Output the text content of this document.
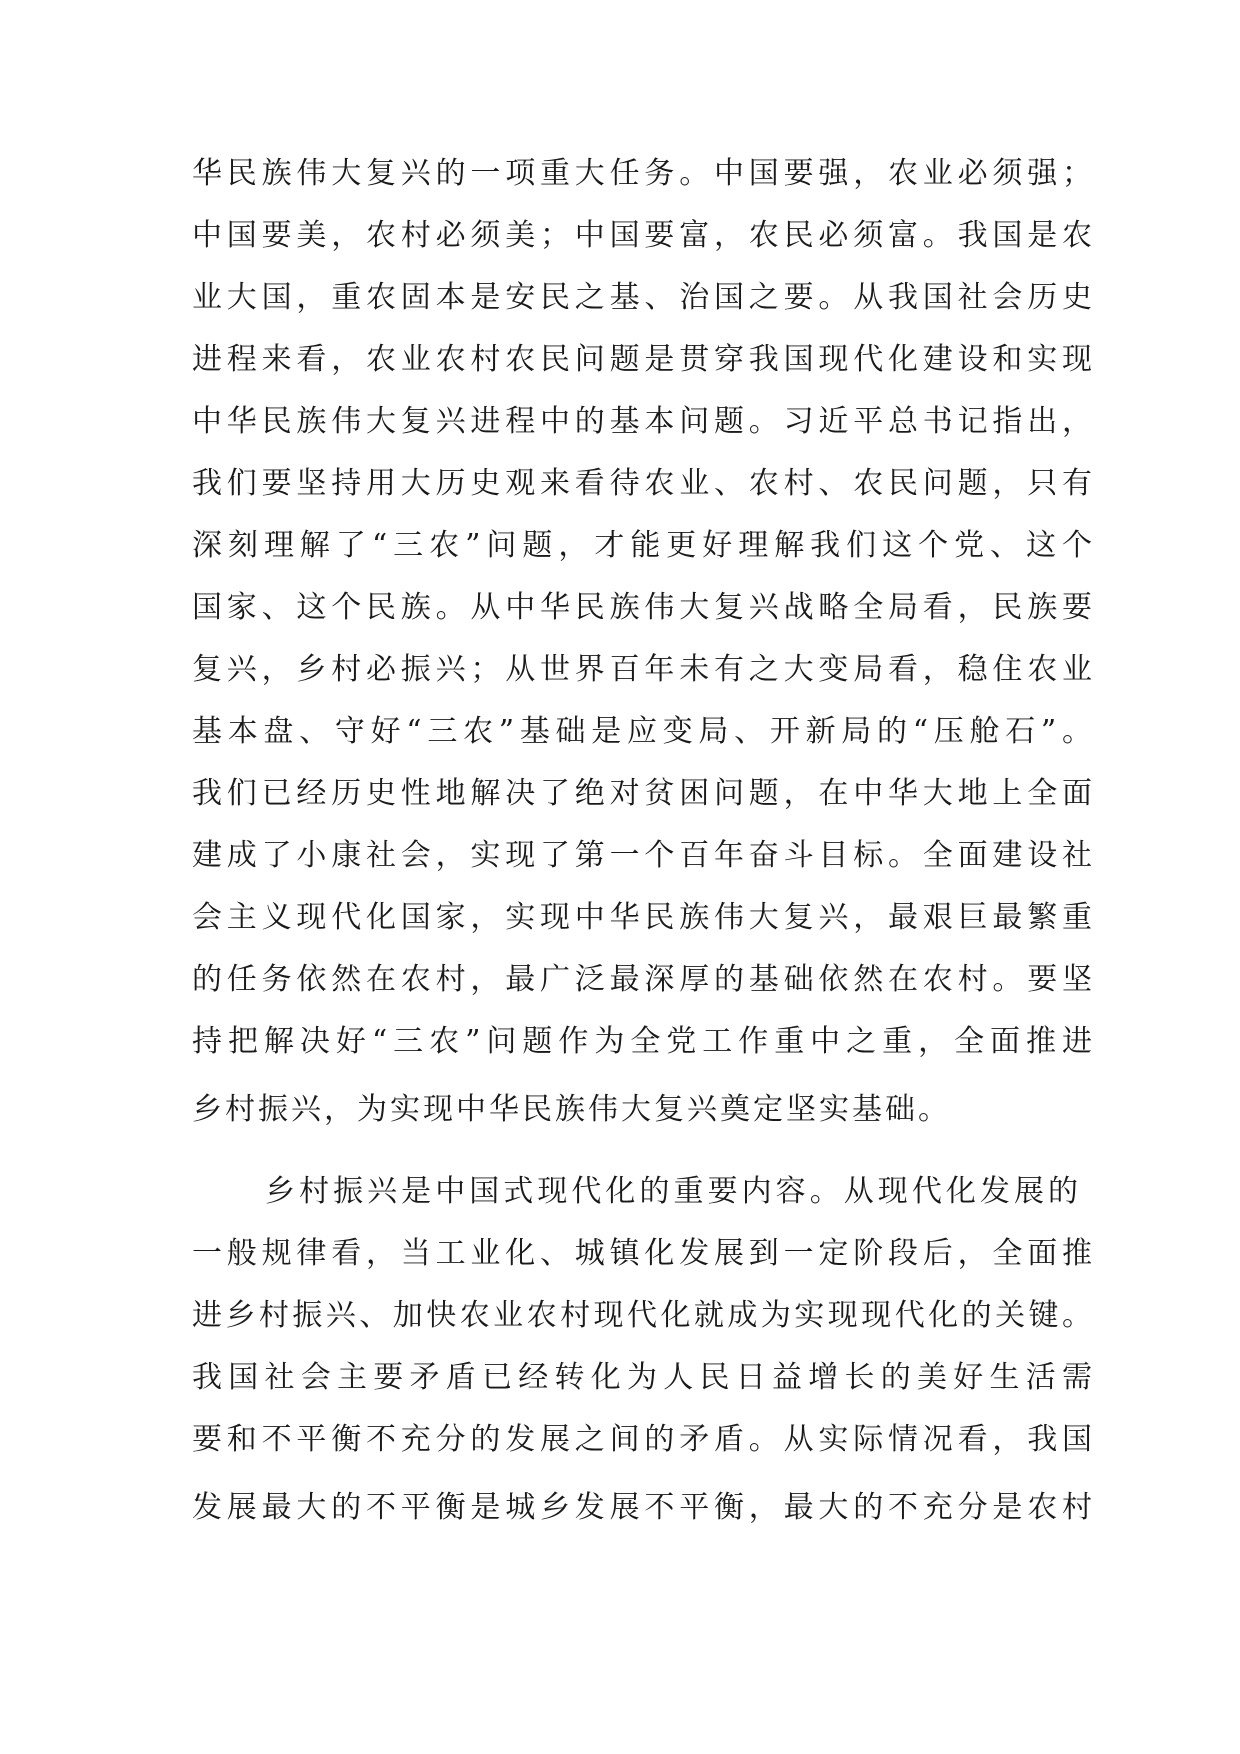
华民族伟大复兴的一项重大任务。中国要强，农业必须强；
中国要美，农村必须美；中国要富，农民必须富。我国是农
业大国，重农固本是安民之基、治国之要。从我国社会历史
进程来看，农业农村农民问题是贯穿我国现代化建设和实现
中华民族伟大复兴进程中的基本问题。习近平总书记指出，
我们要坚持用大历史观来看待农业、农村、农民问题，只有
深刻理解了“三农”问题，才能更好理解我们这个党、这个
国家、这个民族。从中华民族伟大复兴战略全局看，民族要
复兴，乡村必振兴；从世界百年未有之大变局看，稳住农业
基本盘、守好“三农”基础是应变局、开新局的“压舱石”。
我们已经历史性地解决了绝对贫困问题，在中华大地上全面
建成了小康社会，实现了第一个百年奋斗目标。全面建设社
会主义现代化国家，实现中华民族伟大复兴，最艰巨最繁重
的任务依然在农村，最广泛最深厚的基础依然在农村。要坚
持把解决好“三农”问题作为全党工作重中之重，全面推进
乡村振兴，为实现中华民族伟大复兴奠定坚实基础。
乡村振兴是中国式现代化的重要内容。从现代化发展的
一般规律看，当工业化、城镇化发展到一定阶段后，全面推
进乡村振兴、加快农业农村现代化就成为实现现代化的关键。
我国社会主要矛盾已经转化为人民日益增长的美好生活需
要和不平衡不充分的发展之间的矛盾。从实际情况看，我国
发展最大的不平衡是城乡发展不平衡，最大的不充分是农村
